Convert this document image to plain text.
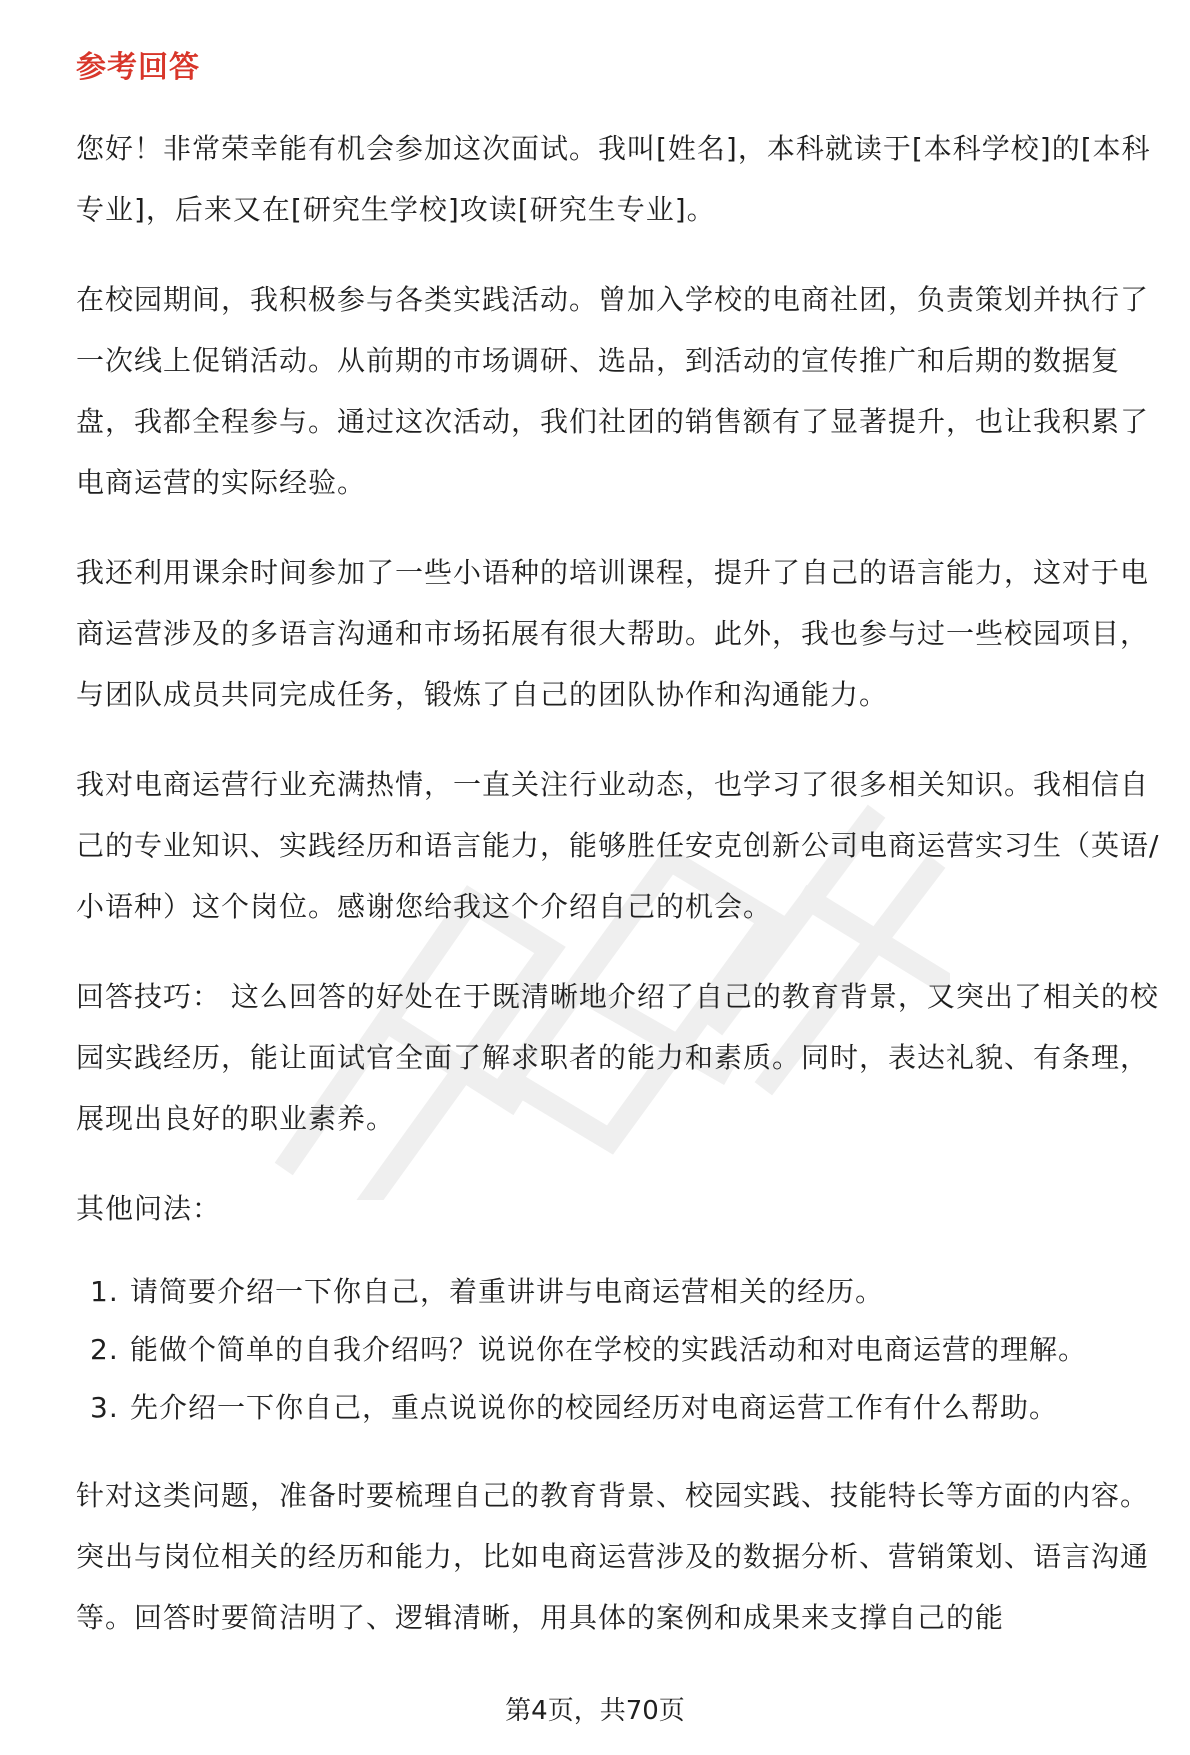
参考回答

您好！非常荣幸能有机会参加这次面试。我叫[姓名]，本科就读于[本科学校]的[本科专业]，后来又在[研究生学校]攻读[研究生专业]。

在校园期间，我积极参与各类实践活动。曾加入学校的电商社团，负责策划并执行了一次线上促销活动。从前期的市场调研、选品，到活动的宣传推广和后期的数据复盘，我都全程参与。通过这次活动，我们社团的销售额有了显著提升，也让我积累了电商运营的实际经验。

我还利用课余时间参加了一些小语种的培训课程，提升了自己的语言能力，这对于电商运营涉及的多语言沟通和市场拓展有很大帮助。此外，我也参与过一些校园项目，与团队成员共同完成任务，锻炼了自己的团队协作和沟通能力。

我对电商运营行业充满热情，一直关注行业动态，也学习了很多相关知识。我相信自己的专业知识、实践经历和语言能力，能够胜任安克创新公司电商运营实习生（英语/小语种）这个岗位。感谢您给我这个介绍自己的机会。

回答技巧： 这么回答的好处在于既清晰地介绍了自己的教育背景，又突出了相关的校园实践经历，能让面试官全面了解求职者的能力和素质。同时，表达礼貌、有条理，展现出良好的职业素养。

其他问法：
1. 请简要介绍一下你自己，着重讲讲与电商运营相关的经历。
2. 能做个简单的自我介绍吗？说说你在学校的实践活动和对电商运营的理解。
3. 先介绍一下你自己，重点说说你的校园经历对电商运营工作有什么帮助。

针对这类问题，准备时要梳理自己的教育背景、校园实践、技能特长等方面的内容。突出与岗位相关的经历和能力，比如电商运营涉及的数据分析、营销策划、语言沟通等。回答时要简洁明了、逻辑清晰，用具体的案例和成果来支撑自己的能

第4页，共70页
